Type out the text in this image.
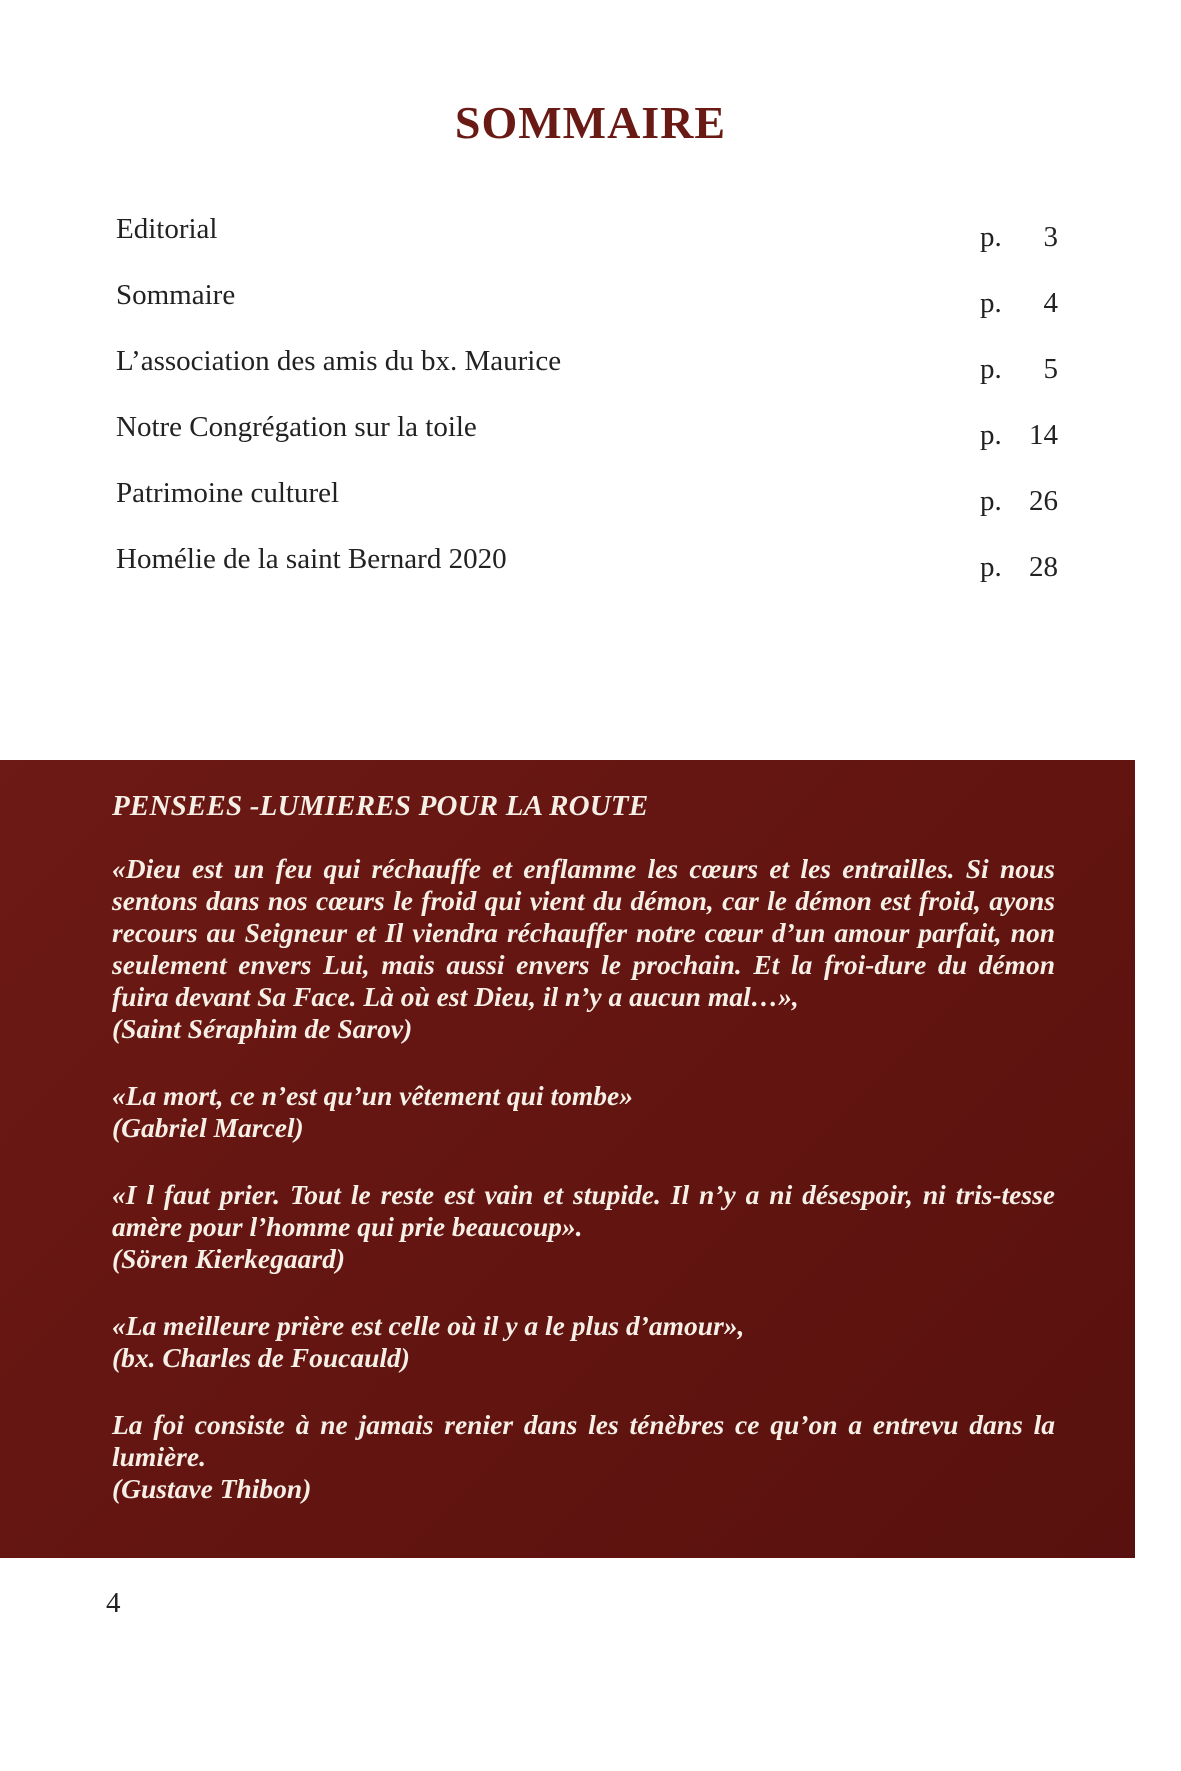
SOMMAIRE
Editorial	p. 3
Sommaire	p. 4
L’association des amis du bx. Maurice	p. 5
Notre Congrégation sur la toile	p. 14
Patrimoine culturel	p. 26
Homélie de la saint Bernard 2020	p. 28
PENSEES -LUMIERES POUR LA ROUTE

«Dieu est un feu qui réchauffe et enflamme les cœurs et les entrailles. Si nous sentons dans nos cœurs le froid qui vient du démon, car le démon est froid, ayons recours au Seigneur et Il viendra réchauffer notre cœur d’un amour parfait, non seulement envers Lui, mais aussi envers le prochain. Et la froi-dure du démon fuira devant Sa Face. Là où est Dieu, il n’y a aucun mal…»,
(Saint Séraphim de Sarov)

«La mort, ce n’est qu’un vêtement qui tombe»
(Gabriel Marcel)

«I l faut prier. Tout le reste est vain et stupide. Il n’y a ni désespoir, ni tris-tesse amère pour l’homme qui prie beaucoup».
(Sören Kierkegaard)

«La meilleure prière est celle où il y a le plus d’amour»,
(bx. Charles de Foucauld)

La foi consiste à ne jamais renier dans les ténèbres ce qu’on a entrevu dans la lumière.
(Gustave Thibon)

4
